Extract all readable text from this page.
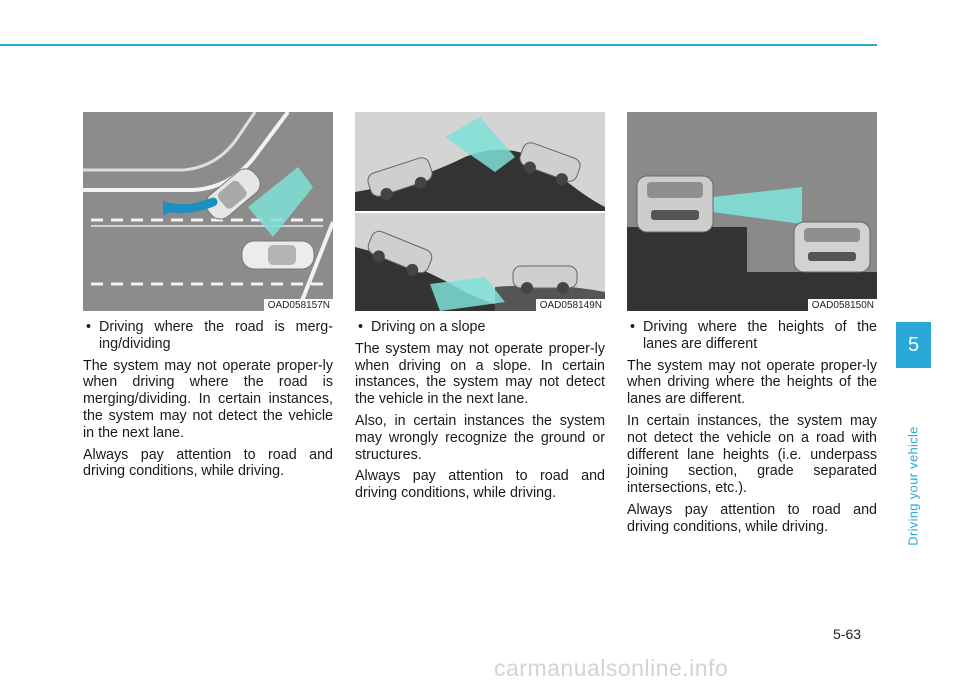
OAD058157N
• Driving where the road is merg-ing/dividing

The system may not operate proper-ly when driving where the road is merging/dividing. In certain instances, the system may not detect the vehicle in the next lane.

Always pay attention to road and driving conditions, while driving.

OAD058149N
• Driving on a slope

The system may not operate proper-ly when driving on a slope. In certain instances, the system may not detect the vehicle in the next lane.

Also, in certain instances the system may wrongly recognize the ground or structures.

Always pay attention to road and driving conditions, while driving.

OAD058150N
• Driving where the heights of the lanes are different

The system may not operate proper-ly when driving where the heights of the lanes are different.

In certain instances, the system may not detect the vehicle on a road with different lane heights (i.e. underpass joining section, grade separated intersections, etc.).

Always pay attention to road and driving conditions, while driving.

5
Driving your vehicle
5-63
carmanualsonline.info
